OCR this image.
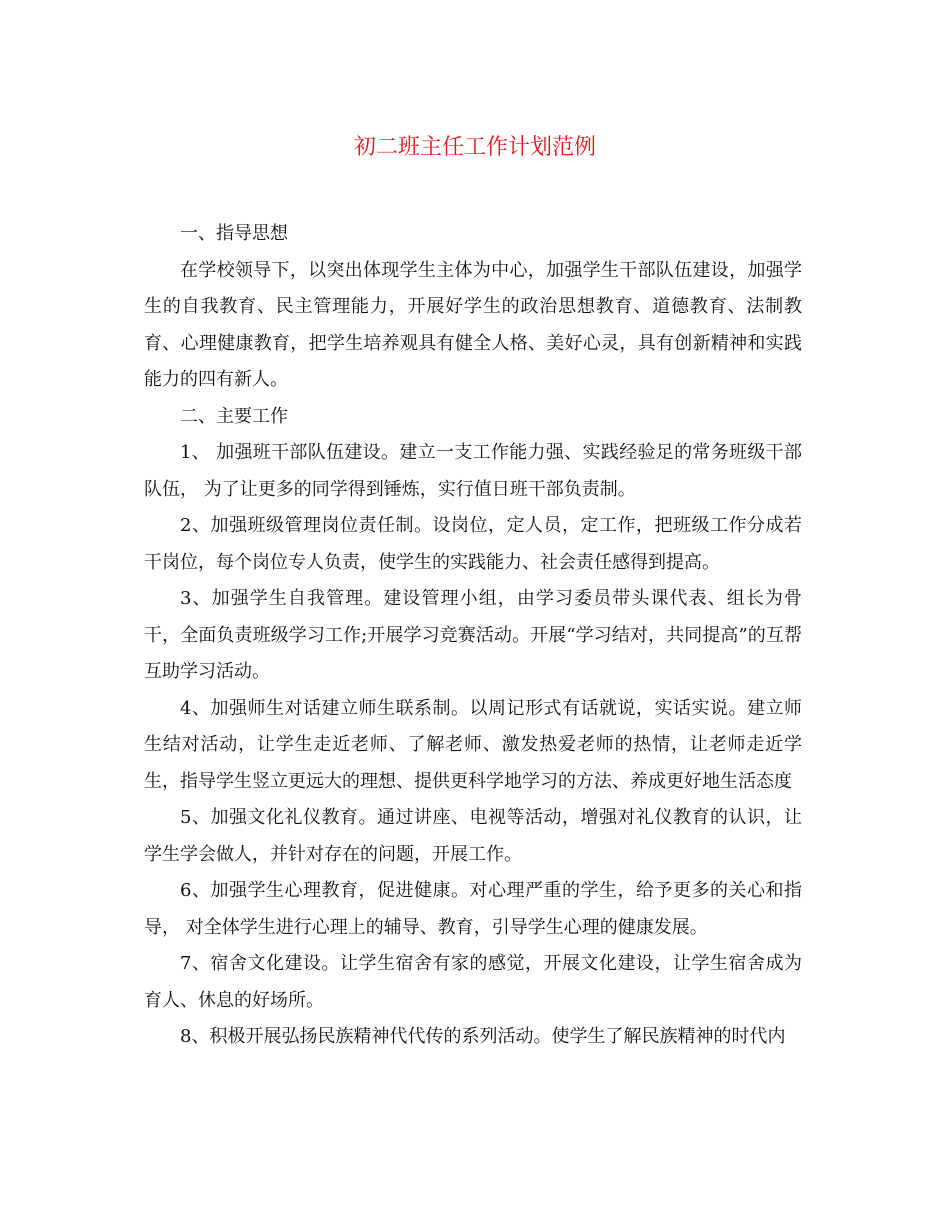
初二班主任工作计划范例

一、指导思想

在学校领导下，以突出体现学生主体为中心，加强学生干部队伍建设，加强学生的自我教育、民主管理能力，开展好学生的政治思想教育、道德教育、法制教育、心理健康教育，把学生培养观具有健全人格、美好心灵，具有创新精神和实践能力的四有新人。

二、主要工作

1、 加强班干部队伍建设。建立一支工作能力强、实践经验足的常务班级干部队伍， 为了让更多的同学得到锤炼，实行值日班干部负责制。

2、加强班级管理岗位责任制。设岗位，定人员，定工作，把班级工作分成若干岗位，每个岗位专人负责，使学生的实践能力、社会责任感得到提高。

3、加强学生自我管理。建设管理小组，由学习委员带头课代表、组长为骨干，全面负责班级学习工作;开展学习竞赛活动。开展“学习结对，共同提高”的互帮互助学习活动。

4、加强师生对话建立师生联系制。以周记形式有话就说，实话实说。建立师生结对活动，让学生走近老师、了解老师、激发热爱老师的热情，让老师走近学生，指导学生竖立更远大的理想、提供更科学地学习的方法、养成更好地生活态度

5、加强文化礼仪教育。通过讲座、电视等活动，增强对礼仪教育的认识，让学生学会做人，并针对存在的问题，开展工作。

6、加强学生心理教育，促进健康。对心理严重的学生，给予更多的关心和指导， 对全体学生进行心理上的辅导、教育，引导学生心理的健康发展。

7、宿舍文化建设。让学生宿舍有家的感觉，开展文化建设，让学生宿舍成为育人、休息的好场所。

8、积极开展弘扬民族精神代代传的系列活动。使学生了解民族精神的时代内
